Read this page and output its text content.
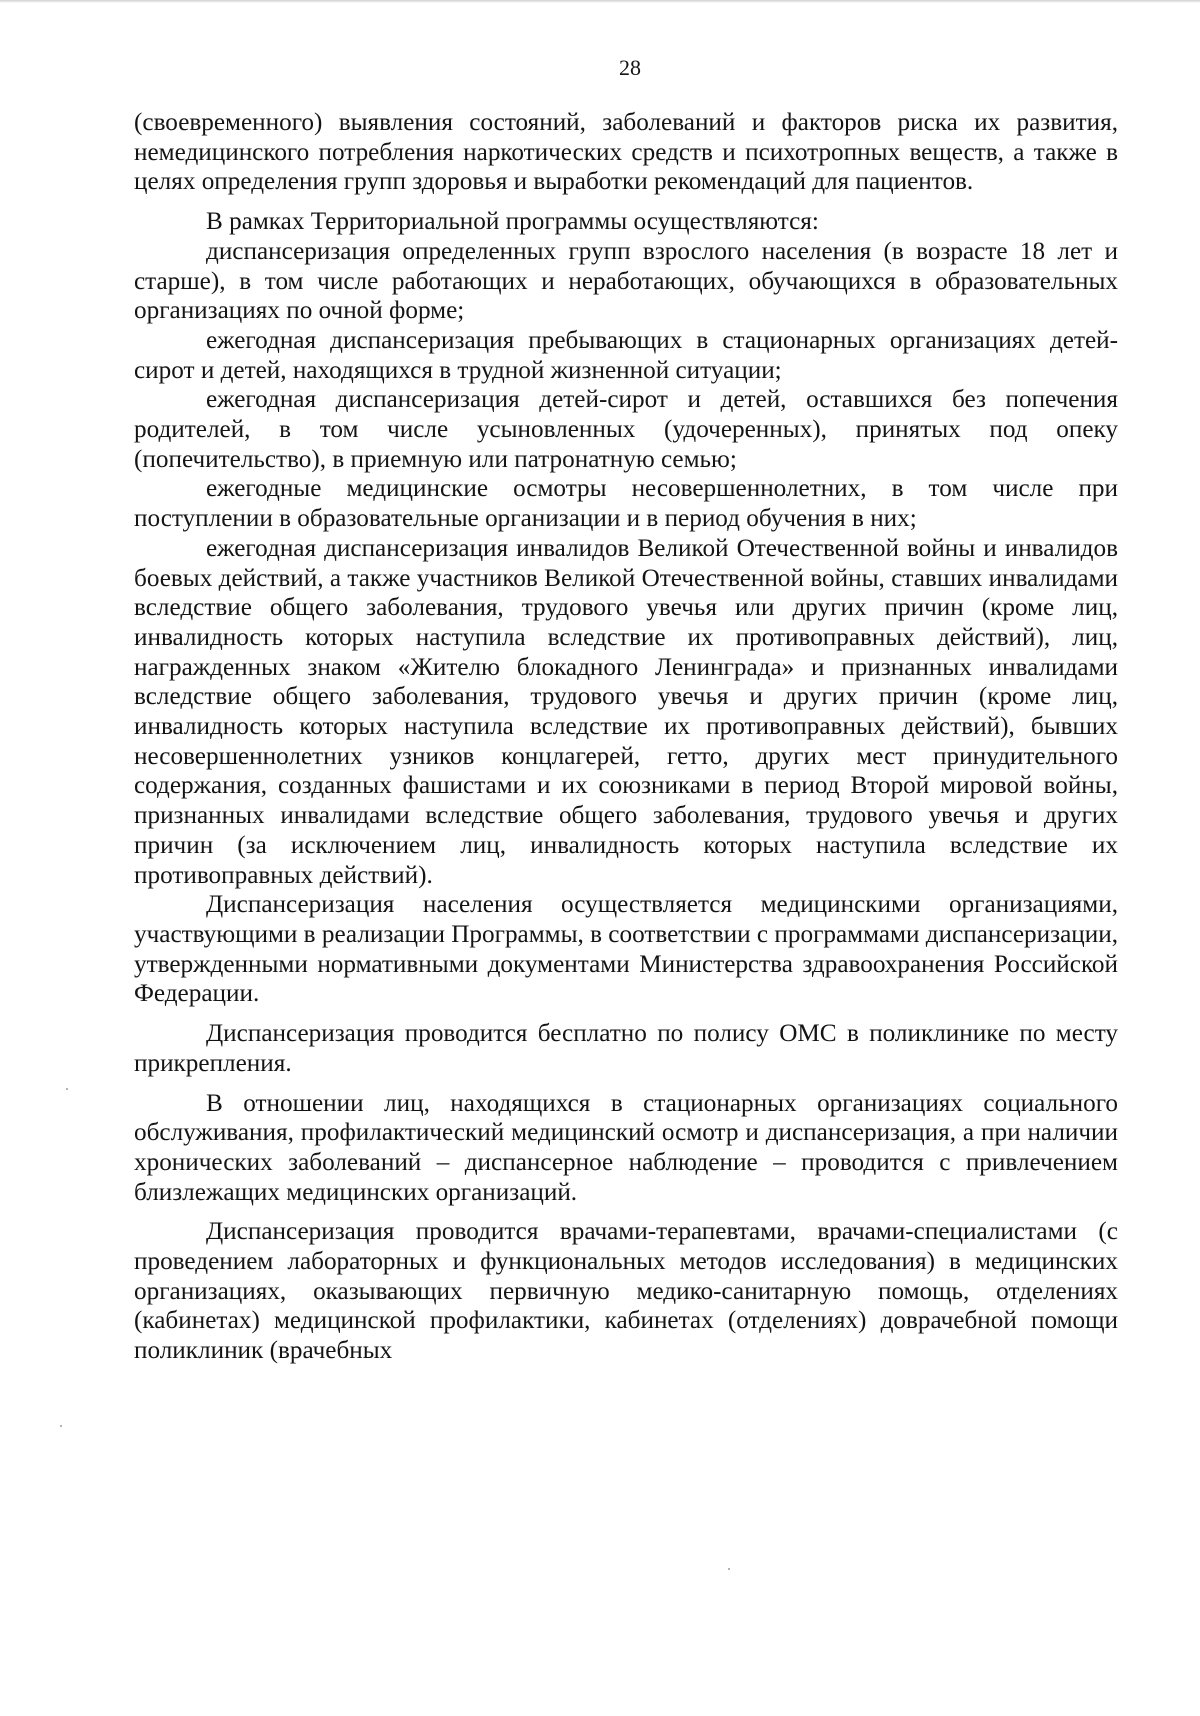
28

(своевременного) выявления состояний, заболеваний и факторов риска их развития, немедицинского потребления наркотических средств и психотропных веществ, а также в целях определения групп здоровья и выработки рекомендаций для пациентов.

В рамках Территориальной программы осуществляются:

диспансеризация определенных групп взрослого населения (в возрасте 18 лет и старше), в том числе работающих и неработающих, обучающихся в образовательных организациях по очной форме;

ежегодная диспансеризация пребывающих в стационарных организациях детей-сирот и детей, находящихся в трудной жизненной ситуации;

ежегодная диспансеризация детей-сирот и детей, оставшихся без попечения родителей, в том числе усыновленных (удочеренных), принятых под опеку (попечительство), в приемную или патронатную семью;

ежегодные медицинские осмотры несовершеннолетних, в том числе при поступлении в образовательные организации и в период обучения в них;

ежегодная диспансеризация инвалидов Великой Отечественной войны и инвалидов боевых действий, а также участников Великой Отечественной войны, ставших инвалидами вследствие общего заболевания, трудового увечья или других причин (кроме лиц, инвалидность которых наступила вследствие их противоправных действий), лиц, награжденных знаком «Жителю блокадного Ленинграда» и признанных инвалидами вследствие общего заболевания, трудового увечья и других причин (кроме лиц, инвалидность которых наступила вследствие их противоправных действий), бывших несовершеннолетних узников концлагерей, гетто, других мест принудительного содержания, созданных фашистами и их союзниками в период Второй мировой войны, признанных инвалидами вследствие общего заболевания, трудового увечья и других причин (за исключением лиц, инвалидность которых наступила вследствие их противоправных действий).

Диспансеризация населения осуществляется медицинскими организациями, участвующими в реализации Программы, в соответствии с программами диспансеризации, утвержденными нормативными документами Министерства здравоохранения Российской Федерации.

Диспансеризация проводится бесплатно по полису ОМС в поликлинике по месту прикрепления.

В отношении лиц, находящихся в стационарных организациях социального обслуживания, профилактический медицинский осмотр и диспансеризация, а при наличии хронических заболеваний – диспансерное наблюдение – проводится с привлечением близлежащих медицинских организаций.

Диспансеризация проводится врачами-терапевтами, врачами-специалистами (с проведением лабораторных и функциональных методов исследования) в медицинских организациях, оказывающих первичную медико-санитарную помощь, отделениях (кабинетах) медицинской профилактики, кабинетах (отделениях) доврачебной помощи поликлиник (врачебных
